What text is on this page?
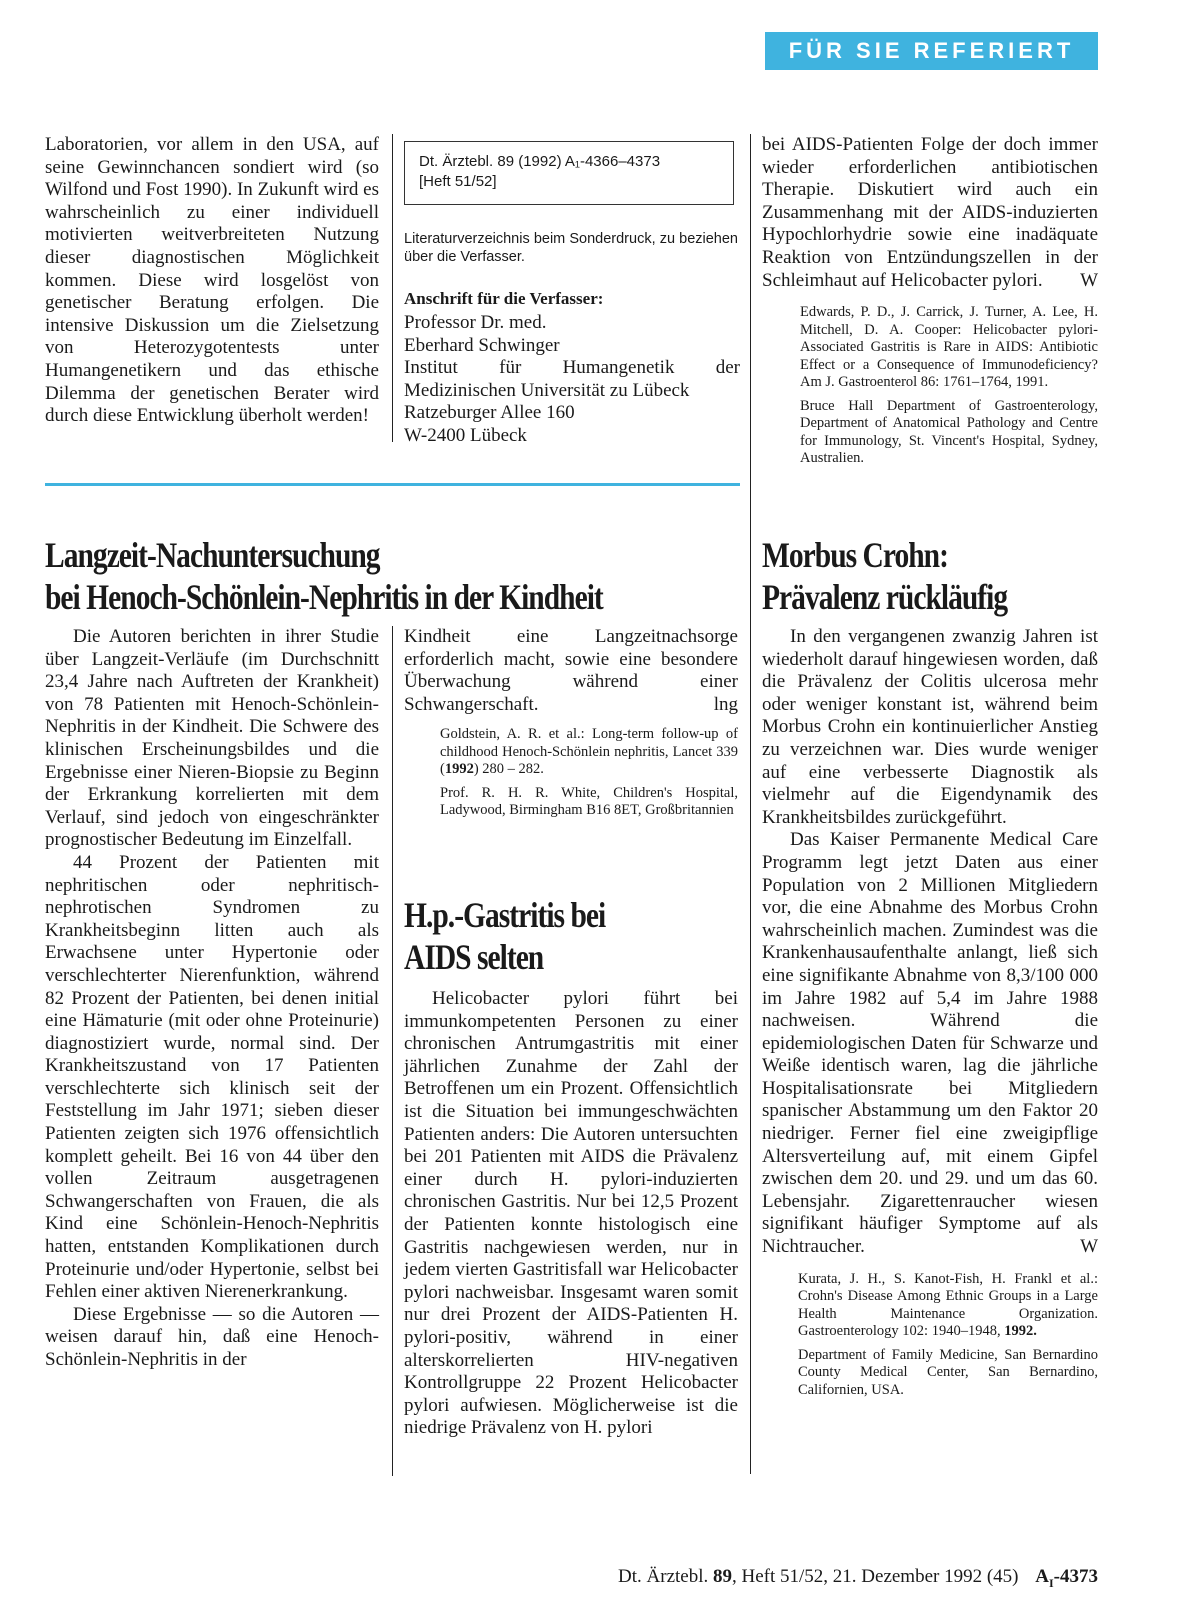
FÜR SIE REFERIERT

Laboratorien, vor allem in den USA, auf seine Gewinnchancen sondiert wird (so Wilfond und Fost 1990). In Zukunft wird es wahrscheinlich zu einer individuell motivierten weitverbreiteten Nutzung dieser diagnostischen Möglichkeit kommen. Diese wird losgelöst von genetischer Beratung erfolgen. Die intensive Diskussion um die Zielsetzung von Heterozygotentests unter Humangenetikern und das ethische Dilemma der genetischen Berater wird durch diese Entwicklung überholt werden!

Dt. Ärztebl. 89 (1992) A₁-4366–4373
[Heft 51/52]
Literaturverzeichnis beim Sonderdruck, zu beziehen über die Verfasser.
Anschrift für die Verfasser:
Professor Dr. med.
Eberhard Schwinger
Institut für Humangenetik der Medizinischen Universität zu Lübeck
Ratzeburger Allee 160
W-2400 Lübeck

bei AIDS-Patienten Folge der doch immer wieder erforderlichen antibiotischen Therapie. Diskutiert wird auch ein Zusammenhang mit der AIDS-induzierten Hypochlorhydrie sowie eine inadäquate Reaktion von Entzündungszellen in der Schleimhaut auf Helicobacter pylori. W

Edwards, P. D., J. Carrick, J. Turner, A. Lee, H. Mitchell, D. A. Cooper: Helicobacter pylori-Associated Gastritis is Rare in AIDS: Antibiotic Effect or a Consequence of Immunodeficiency? Am J. Gastroenterol 86: 1761–1764, 1991.

Bruce Hall Department of Gastroenterology, Department of Anatomical Pathology and Centre for Immunology, St. Vincent's Hospital, Sydney, Australien.

Langzeit-Nachuntersuchung
bei Henoch-Schönlein-Nephritis in der Kindheit

Die Autoren berichten in ihrer Studie über Langzeit-Verläufe (im Durchschnitt 23,4 Jahre nach Auftreten der Krankheit) von 78 Patienten mit Henoch-Schönlein-Nephritis in der Kindheit. Die Schwere des klinischen Erscheinungsbildes und die Ergebnisse einer Nieren-Biopsie zu Beginn der Erkrankung korrelierten mit dem Verlauf, sind jedoch von eingeschränkter prognostischer Bedeutung im Einzelfall.

44 Prozent der Patienten mit nephritischen oder nephritisch-nephrotischen Syndromen zu Krankheitsbeginn litten auch als Erwachsene unter Hypertonie oder verschlechterter Nierenfunktion, während 82 Prozent der Patienten, bei denen initial eine Hämaturie (mit oder ohne Proteinurie) diagnostiziert wurde, normal sind. Der Krankheitszustand von 17 Patienten verschlechterte sich klinisch seit der Feststellung im Jahr 1971; sieben dieser Patienten zeigten sich 1976 offensichtlich komplett geheilt. Bei 16 von 44 über den vollen Zeitraum ausgetragenen Schwangerschaften von Frauen, die als Kind eine Schönlein-Henoch-Nephritis hatten, entstanden Komplikationen durch Proteinurie und/oder Hypertonie, selbst bei Fehlen einer aktiven Nierenerkrankung.

Diese Ergebnisse — so die Autoren — weisen darauf hin, daß eine Henoch-Schönlein-Nephritis in der

Kindheit eine Langzeitnachsorge erforderlich macht, sowie eine besondere Überwachung während einer Schwangerschaft.	lng

Goldstein, A. R. et al.: Long-term follow-up of childhood Henoch-Schönlein nephritis, Lancet 339 (1992) 280 – 282.

Prof. R. H. R. White, Children's Hospital, Ladywood, Birmingham B16 8ET, Großbritannien

H.p.-Gastritis bei
AIDS selten

Helicobacter pylori führt bei immunkompetenten Personen zu einer chronischen Antrumgastritis mit einer jährlichen Zunahme der Zahl der Betroffenen um ein Prozent. Offensichtlich ist die Situation bei immungeschwächten Patienten anders: Die Autoren untersuchten bei 201 Patienten mit AIDS die Prävalenz einer durch H. pylori-induzierten chronischen Gastritis. Nur bei 12,5 Prozent der Patienten konnte histologisch eine Gastritis nachgewiesen werden, nur in jedem vierten Gastritisfall war Helicobacter pylori nachweisbar. Insgesamt waren somit nur drei Prozent der AIDS-Patienten H. pylori-positiv, während in einer alterskorrelierten HIV-negativen Kontrollgruppe 22 Prozent Helicobacter pylori aufwiesen. Möglicherweise ist die niedrige Prävalenz von H. pylori

Morbus Crohn:
Prävalenz rückläufig

In den vergangenen zwanzig Jahren ist wiederholt darauf hingewiesen worden, daß die Prävalenz der Colitis ulcerosa mehr oder weniger konstant ist, während beim Morbus Crohn ein kontinuierlicher Anstieg zu verzeichnen war. Dies wurde weniger auf eine verbesserte Diagnostik als vielmehr auf die Eigendynamik des Krankheitsbildes zurückgeführt.

Das Kaiser Permanente Medical Care Programm legt jetzt Daten aus einer Population von 2 Millionen Mitgliedern vor, die eine Abnahme des Morbus Crohn wahrscheinlich machen. Zumindest was die Krankenhausaufenthalte anlangt, ließ sich eine signifikante Abnahme von 8,3/100 000 im Jahre 1982 auf 5,4 im Jahre 1988 nachweisen. Während die epidemiologischen Daten für Schwarze und Weiße identisch waren, lag die jährliche Hospitalisationsrate bei Mitgliedern spanischer Abstammung um den Faktor 20 niedriger. Ferner fiel eine zweigipflige Altersverteilung auf, mit einem Gipfel zwischen dem 20. und 29. und um das 60. Lebensjahr. Zigarettenraucher wiesen signifikant häufiger Symptome auf als Nichtraucher.	W

Kurata, J. H., S. Kanot-Fish, H. Frankl et al.: Crohn's Disease Among Ethnic Groups in a Large Health Maintenance Organization. Gastroenterology 102: 1940–1948, 1992.

Department of Family Medicine, San Bernardino County Medical Center, San Bernardino, Californien, USA.

Dt. Ärztebl. 89, Heft 51/52, 21. Dezember 1992 (45) $A_I-4373$
